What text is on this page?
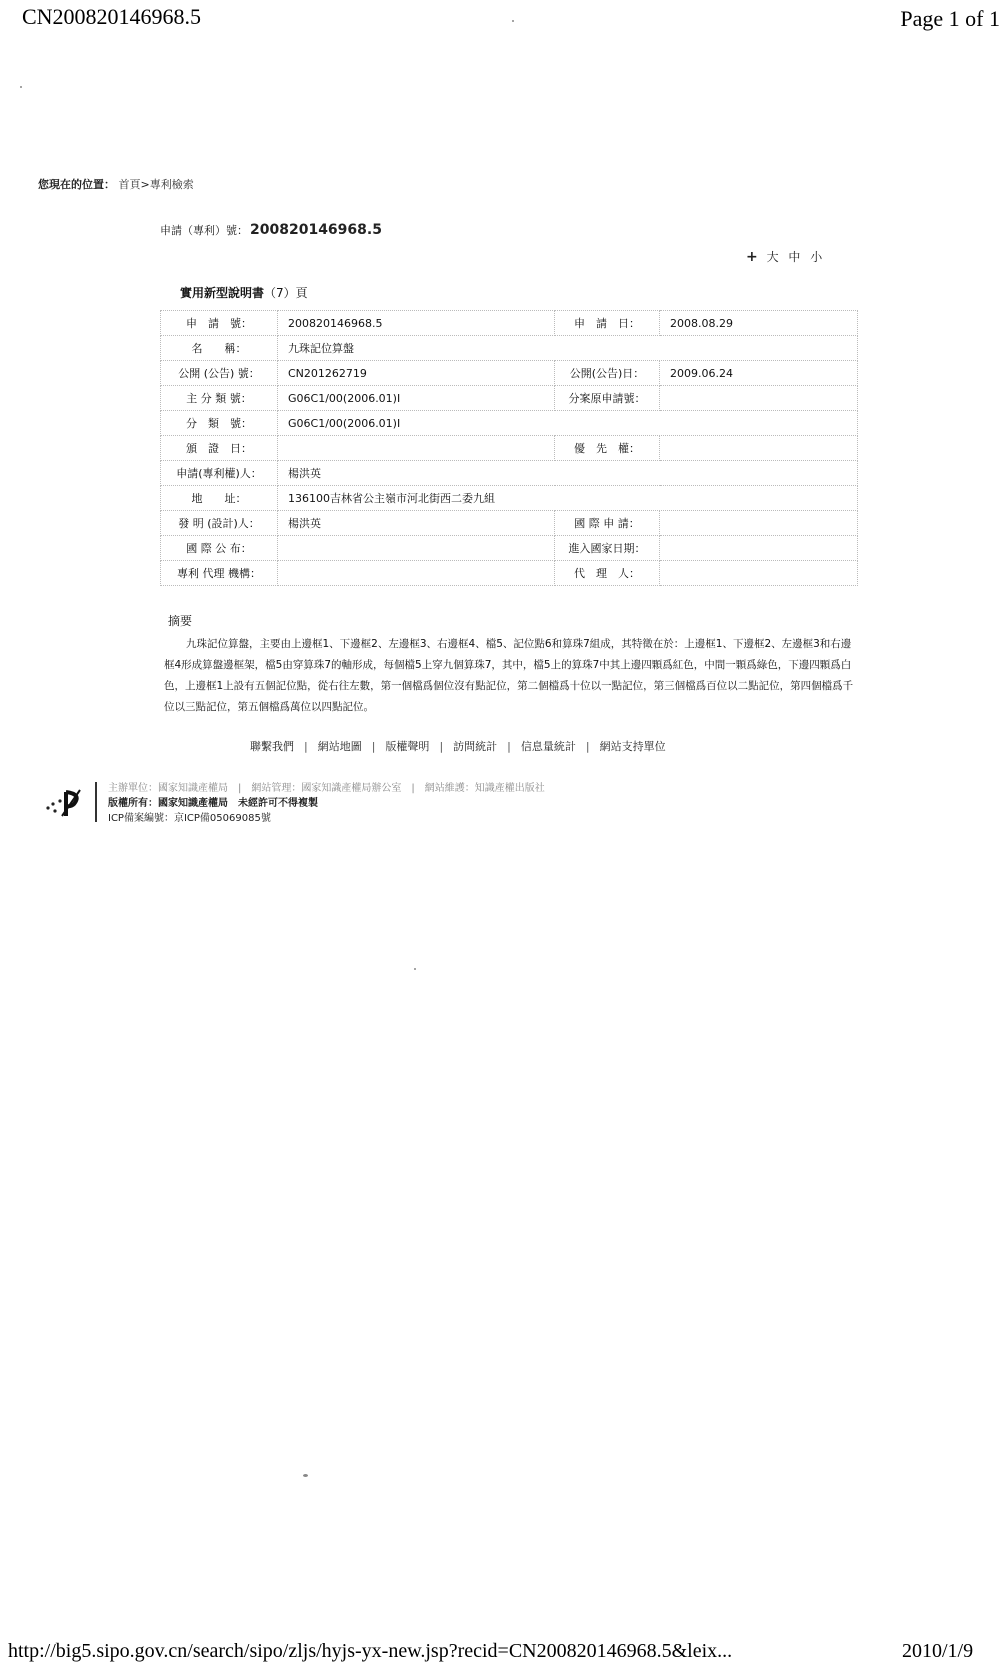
CN200820146968.5	Page 1 of 1
您現在的位置： 首頁>專利檢索
申請（專利）號： 200820146968.5
+ 大 中 小
實用新型說明書（7）頁
申　請　號：	200820146968.5	申　請　日：	2008.08.29
名　　稱：	九珠記位算盤		
公開 (公告) 號：	CN201262719	公開(公告)日：	2009.06.24
主 分 類 號：	G06C1/00(2006.01)I	分案原申請號：	
分　類　號：	G06C1/00(2006.01)I		
頒　證　日：		優　先　權：	
申請(專利權)人：	楊洪英		
地　　址：	136100吉林省公主嶺市河北街西二委九組		
發 明 (設計)人：	楊洪英	國 際 申 請：	
國 際 公 布：		進入國家日期：	
專利 代理 機構：		代　理　人：	
摘要
九珠記位算盤，主要由上邊框1、下邊框2、左邊框3、右邊框4、檔5、記位點6和算珠7組成，其特徵在於：上邊框1、下邊框2、左邊框3和右邊框4形成算盤邊框架，檔5由穿算珠7的軸形成，每個檔5上穿九個算珠7，其中，檔5上的算珠7中其上邊四顆爲紅色，中間一顆爲綠色，下邊四顆爲白色，上邊框1上設有五個記位點，從右往左數，第一個檔爲個位沒有點記位，第二個檔爲十位以一點記位，第三個檔爲百位以二點記位，第四個檔爲千位以三點記位，第五個檔爲萬位以四點記位。
聯繫我們 | 網站地圖 | 版權聲明 | 訪問統計 | 信息量統計 | 網站支持單位
主辦單位：國家知識產權局　|　網站管理：國家知識產權局辦公室　|　網站維護：知識產權出版社
版權所有：國家知識產權局　未經許可不得複製
ICP備案編號：京ICP備05069085號
http://big5.sipo.gov.cn/search/sipo/zljs/hyjs-yx-new.jsp?recid=CN200820146968.5&leix...	2010/1/9
